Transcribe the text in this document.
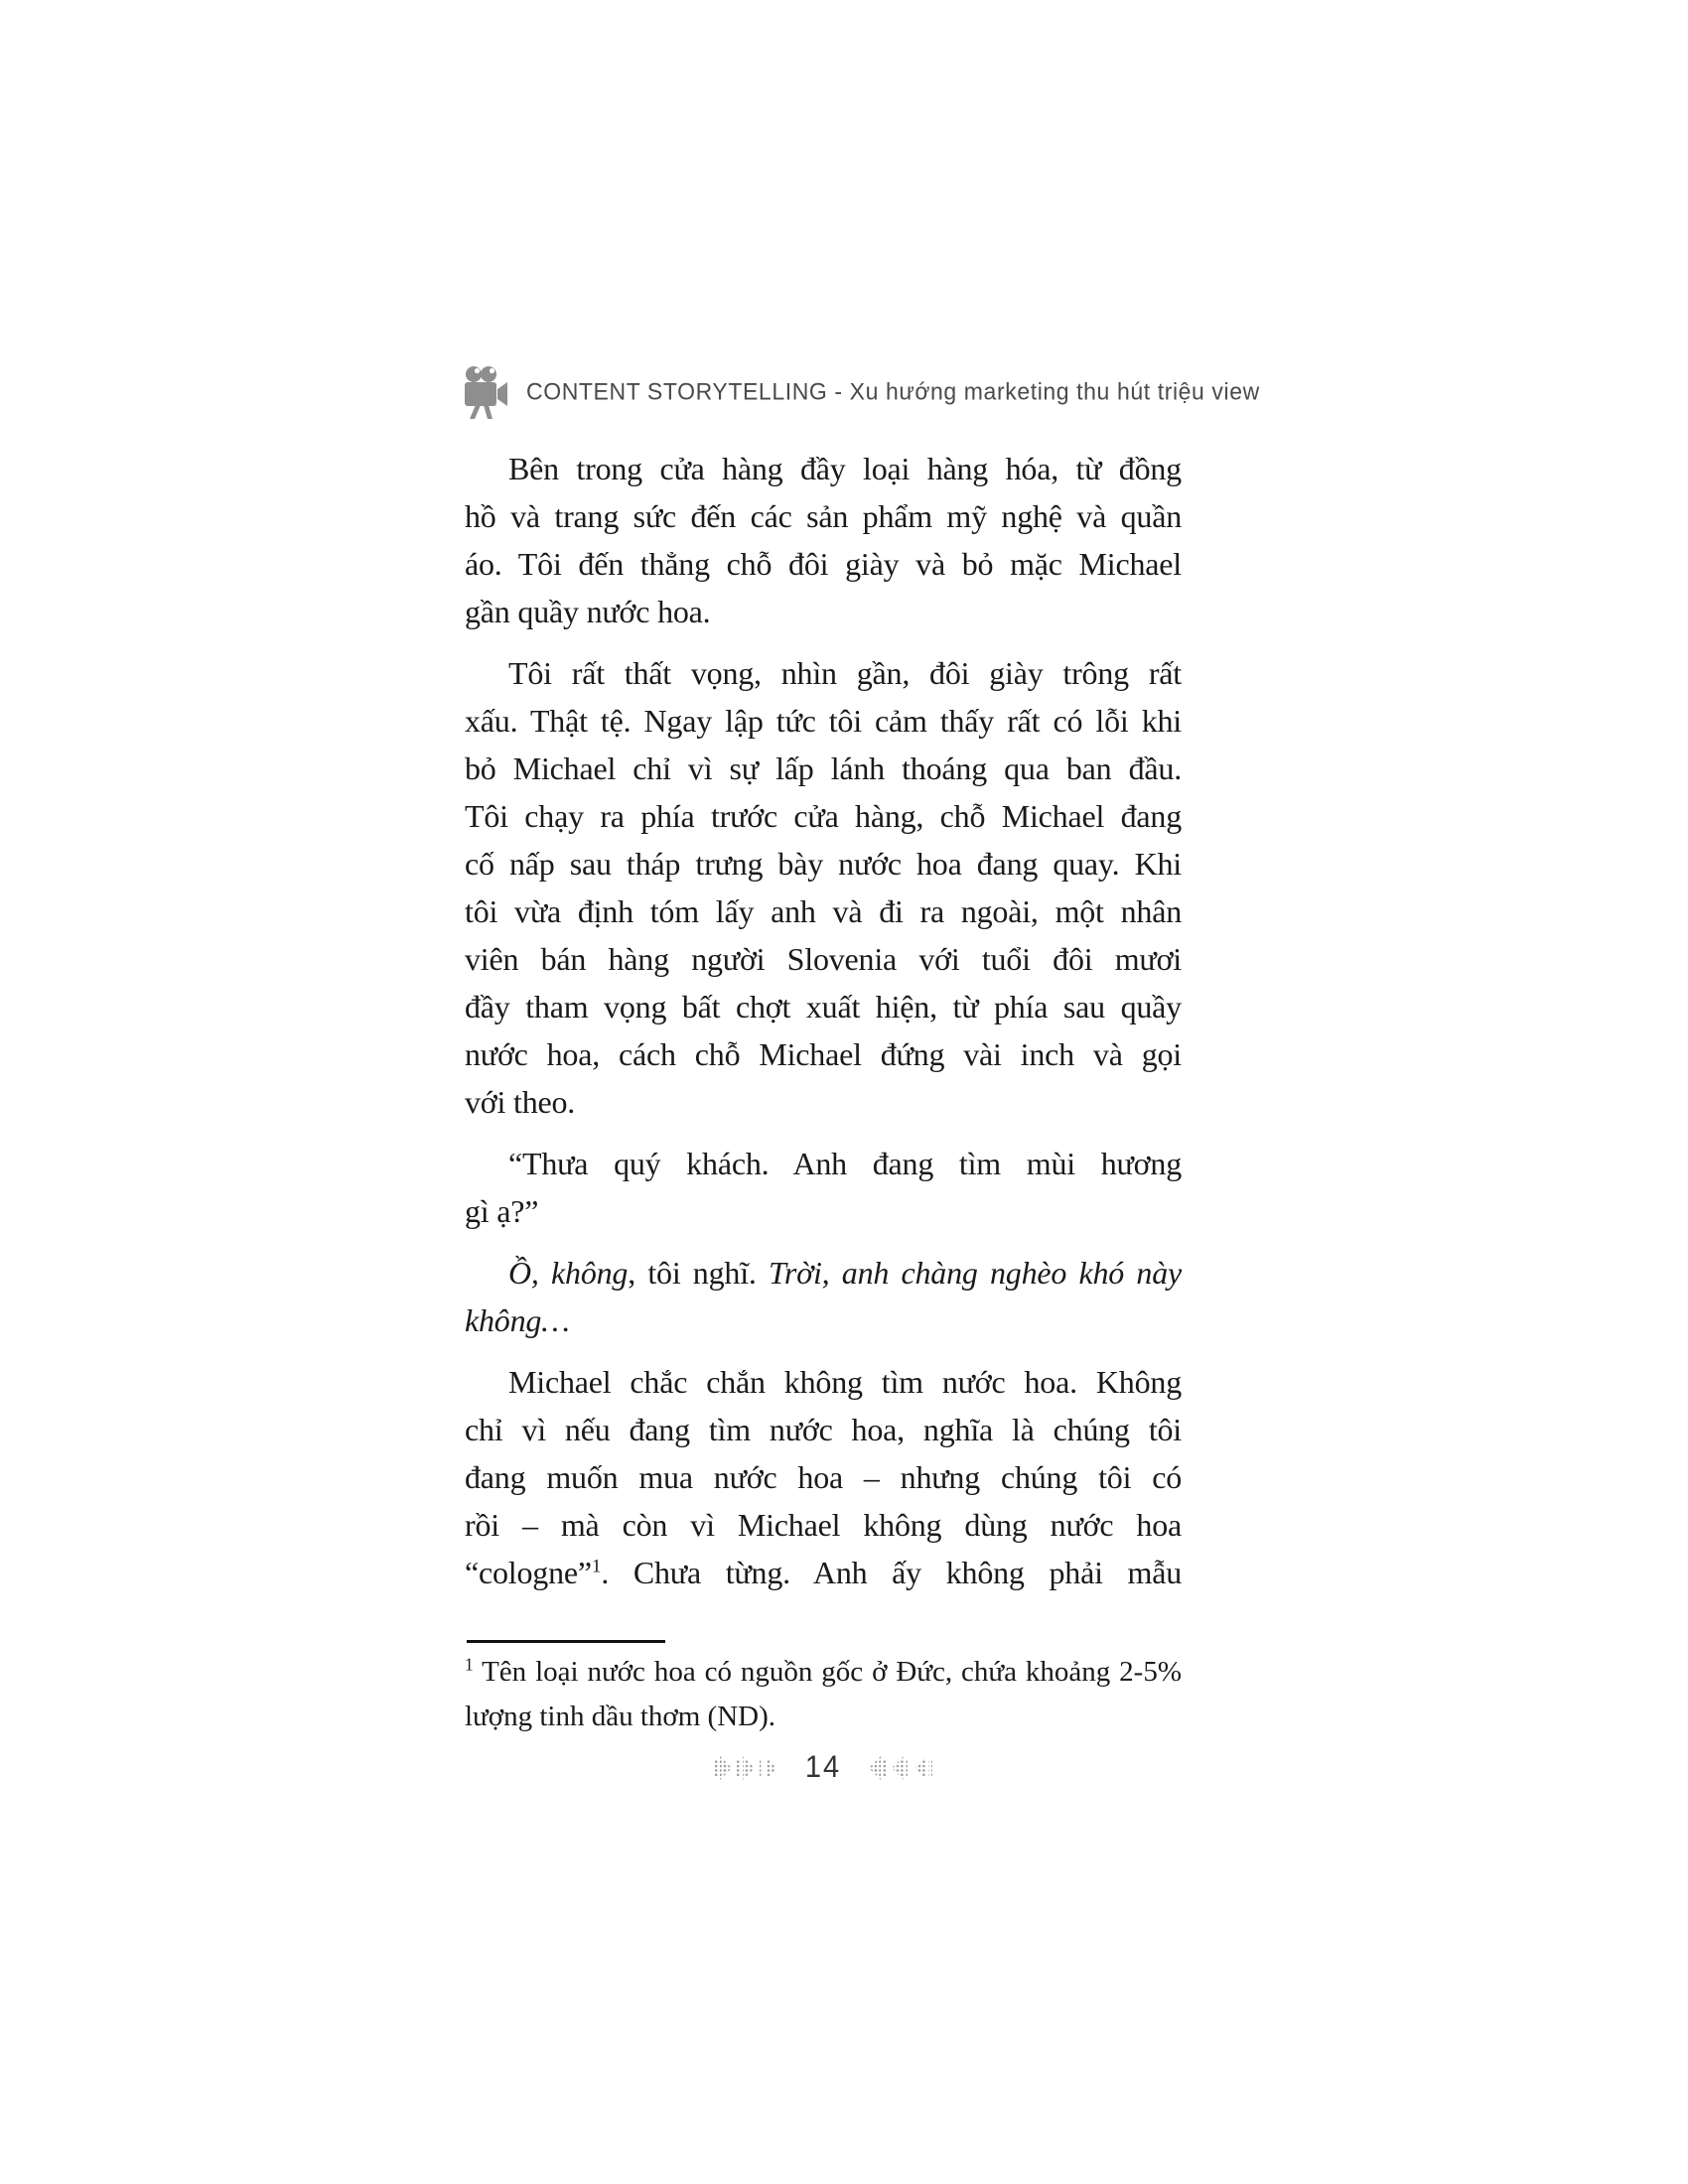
CONTENT STORYTELLING - Xu hướng marketing thu hút triệu view
Bên trong cửa hàng đầy loại hàng hóa, từ đồng
hồ và trang sức đến các sản phẩm mỹ nghệ và quần
áo. Tôi đến thẳng chỗ đôi giày và bỏ mặc Michael
gần quầy nước hoa.
Tôi rất thất vọng, nhìn gần, đôi giày trông rất
xấu. Thật tệ. Ngay lập tức tôi cảm thấy rất có lỗi khi
bỏ Michael chỉ vì sự lấp lánh thoáng qua ban đầu.
Tôi chạy ra phía trước cửa hàng, chỗ Michael đang
cố nấp sau tháp trưng bày nước hoa đang quay. Khi
tôi vừa định tóm lấy anh và đi ra ngoài, một nhân
viên bán hàng người Slovenia với tuổi đôi mươi
đầy tham vọng bất chợt xuất hiện, từ phía sau quầy
nước hoa, cách chỗ Michael đứng vài inch và gọi
với theo.
“Thưa quý khách. Anh đang tìm mùi hương
gì ạ?”
Ồ, không, tôi nghĩ. Trời, anh chàng nghèo khó này
không…
Michael chắc chắn không tìm nước hoa. Không
chỉ vì nếu đang tìm nước hoa, nghĩa là chúng tôi
đang muốn mua nước hoa – nhưng chúng tôi có
rồi – mà còn vì Michael không dùng nước hoa
“cologne”$^1$. Chưa từng. Anh ấy không phải mẫu
$^1$ Tên loại nước hoa có nguồn gốc ở Đức, chứa khoảng 2-5%
lượng tinh dầu thơm (ND).
14
